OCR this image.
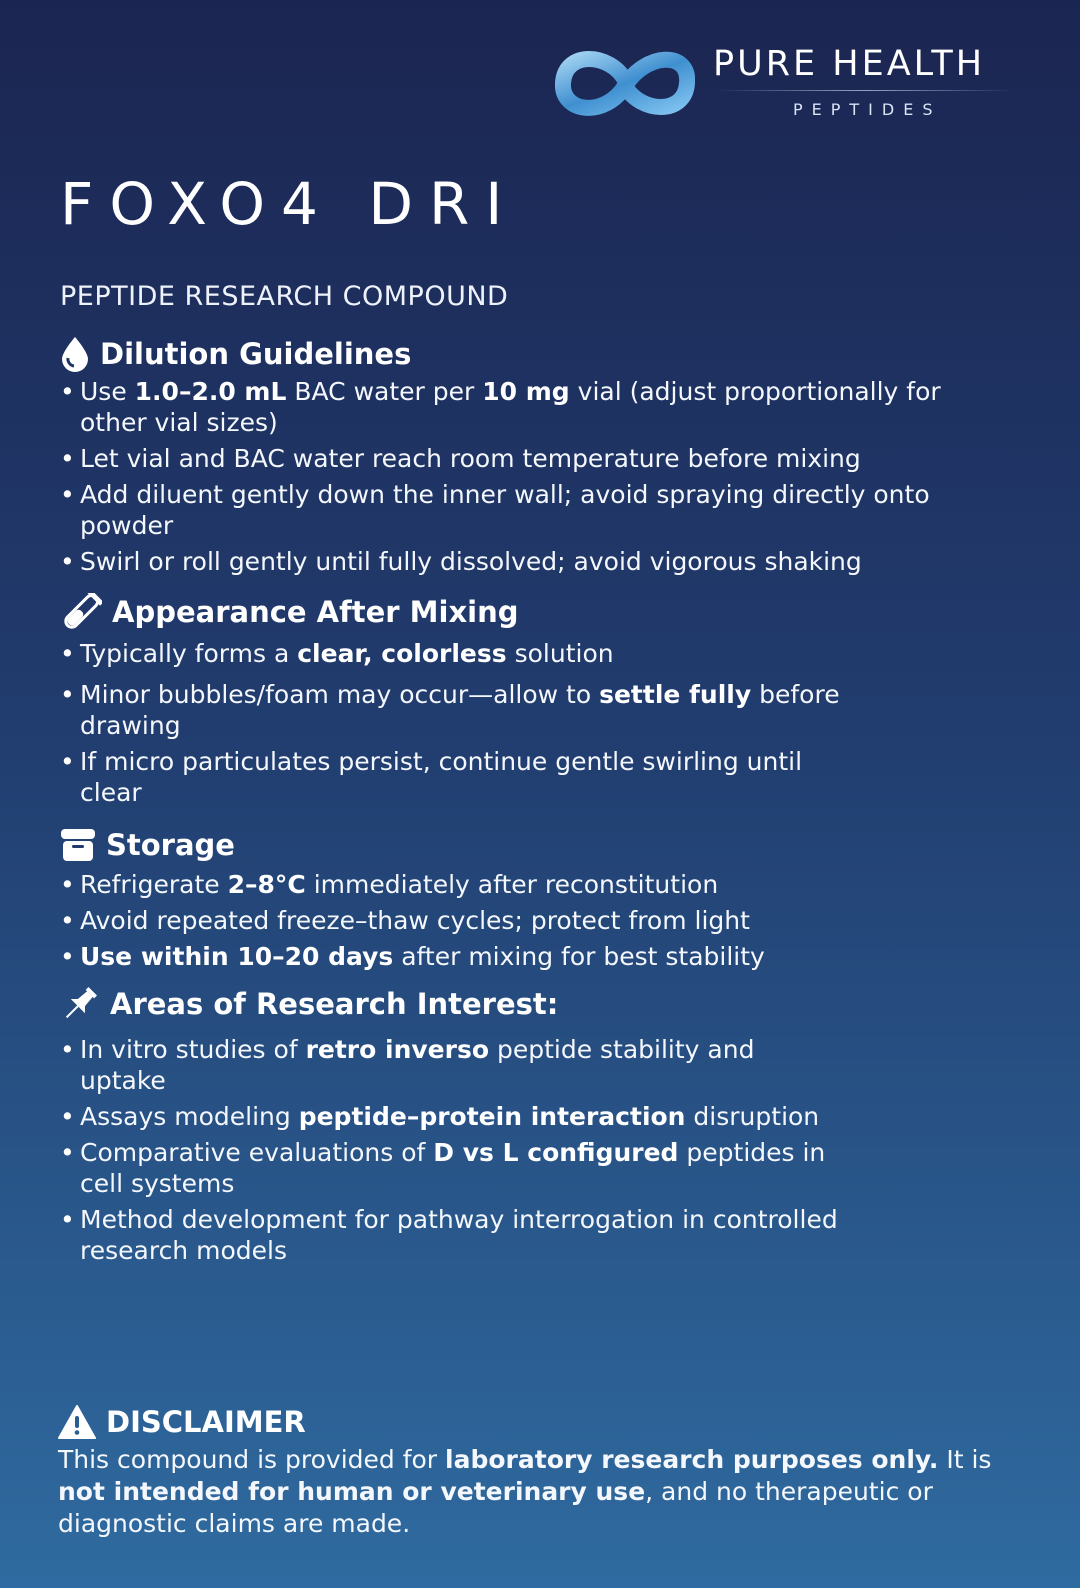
PURE HEALTH
PEPTIDES
FOXO4 DRI
PEPTIDE RESEARCH COMPOUND
Dilution Guidelines
• Use 1.0–2.0 mL BAC water per 10 mg vial (adjust proportionally for other vial sizes)
• Let vial and BAC water reach room temperature before mixing
• Add diluent gently down the inner wall; avoid spraying directly onto powder
• Swirl or roll gently until fully dissolved; avoid vigorous shaking
Appearance After Mixing
• Typically forms a clear, colorless solution
• Minor bubbles/foam may occur—allow to settle fully before drawing
• If micro particulates persist, continue gentle swirling until clear
Storage
• Refrigerate 2–8°C immediately after reconstitution
• Avoid repeated freeze–thaw cycles; protect from light
• Use within 10–20 days after mixing for best stability
Areas of Research Interest:
• In vitro studies of retro inverso peptide stability and uptake
• Assays modeling peptide–protein interaction disruption
• Comparative evaluations of D vs L configured peptides in cell systems
• Method development for pathway interrogation in controlled research models
DISCLAIMER
This compound is provided for laboratory research purposes only. It is not intended for human or veterinary use, and no therapeutic or diagnostic claims are made.
